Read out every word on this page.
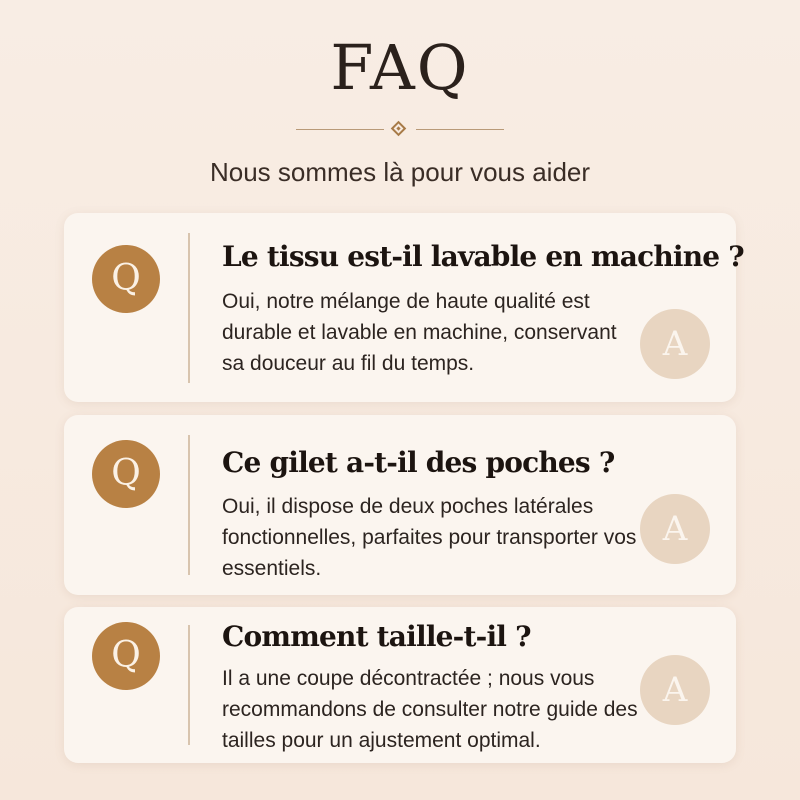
FAQ
Nous sommes là pour vous aider
Q
Le tissu est-il lavable en machine ?
Oui, notre mélange de haute qualité est durable et lavable en machine, conservant sa douceur au fil du temps.	A
Q	Ce gilet a-t-il des poches ?
Oui, il dispose de deux poches latérales fonctionnelles, parfaites pour transporter vos essentiels.
A
Q	Comment taille-t-il ?
Il a une coupe décontractée ; nous vous recommandons de consulter notre guide des tailles pour un ajustement optimal.
A
